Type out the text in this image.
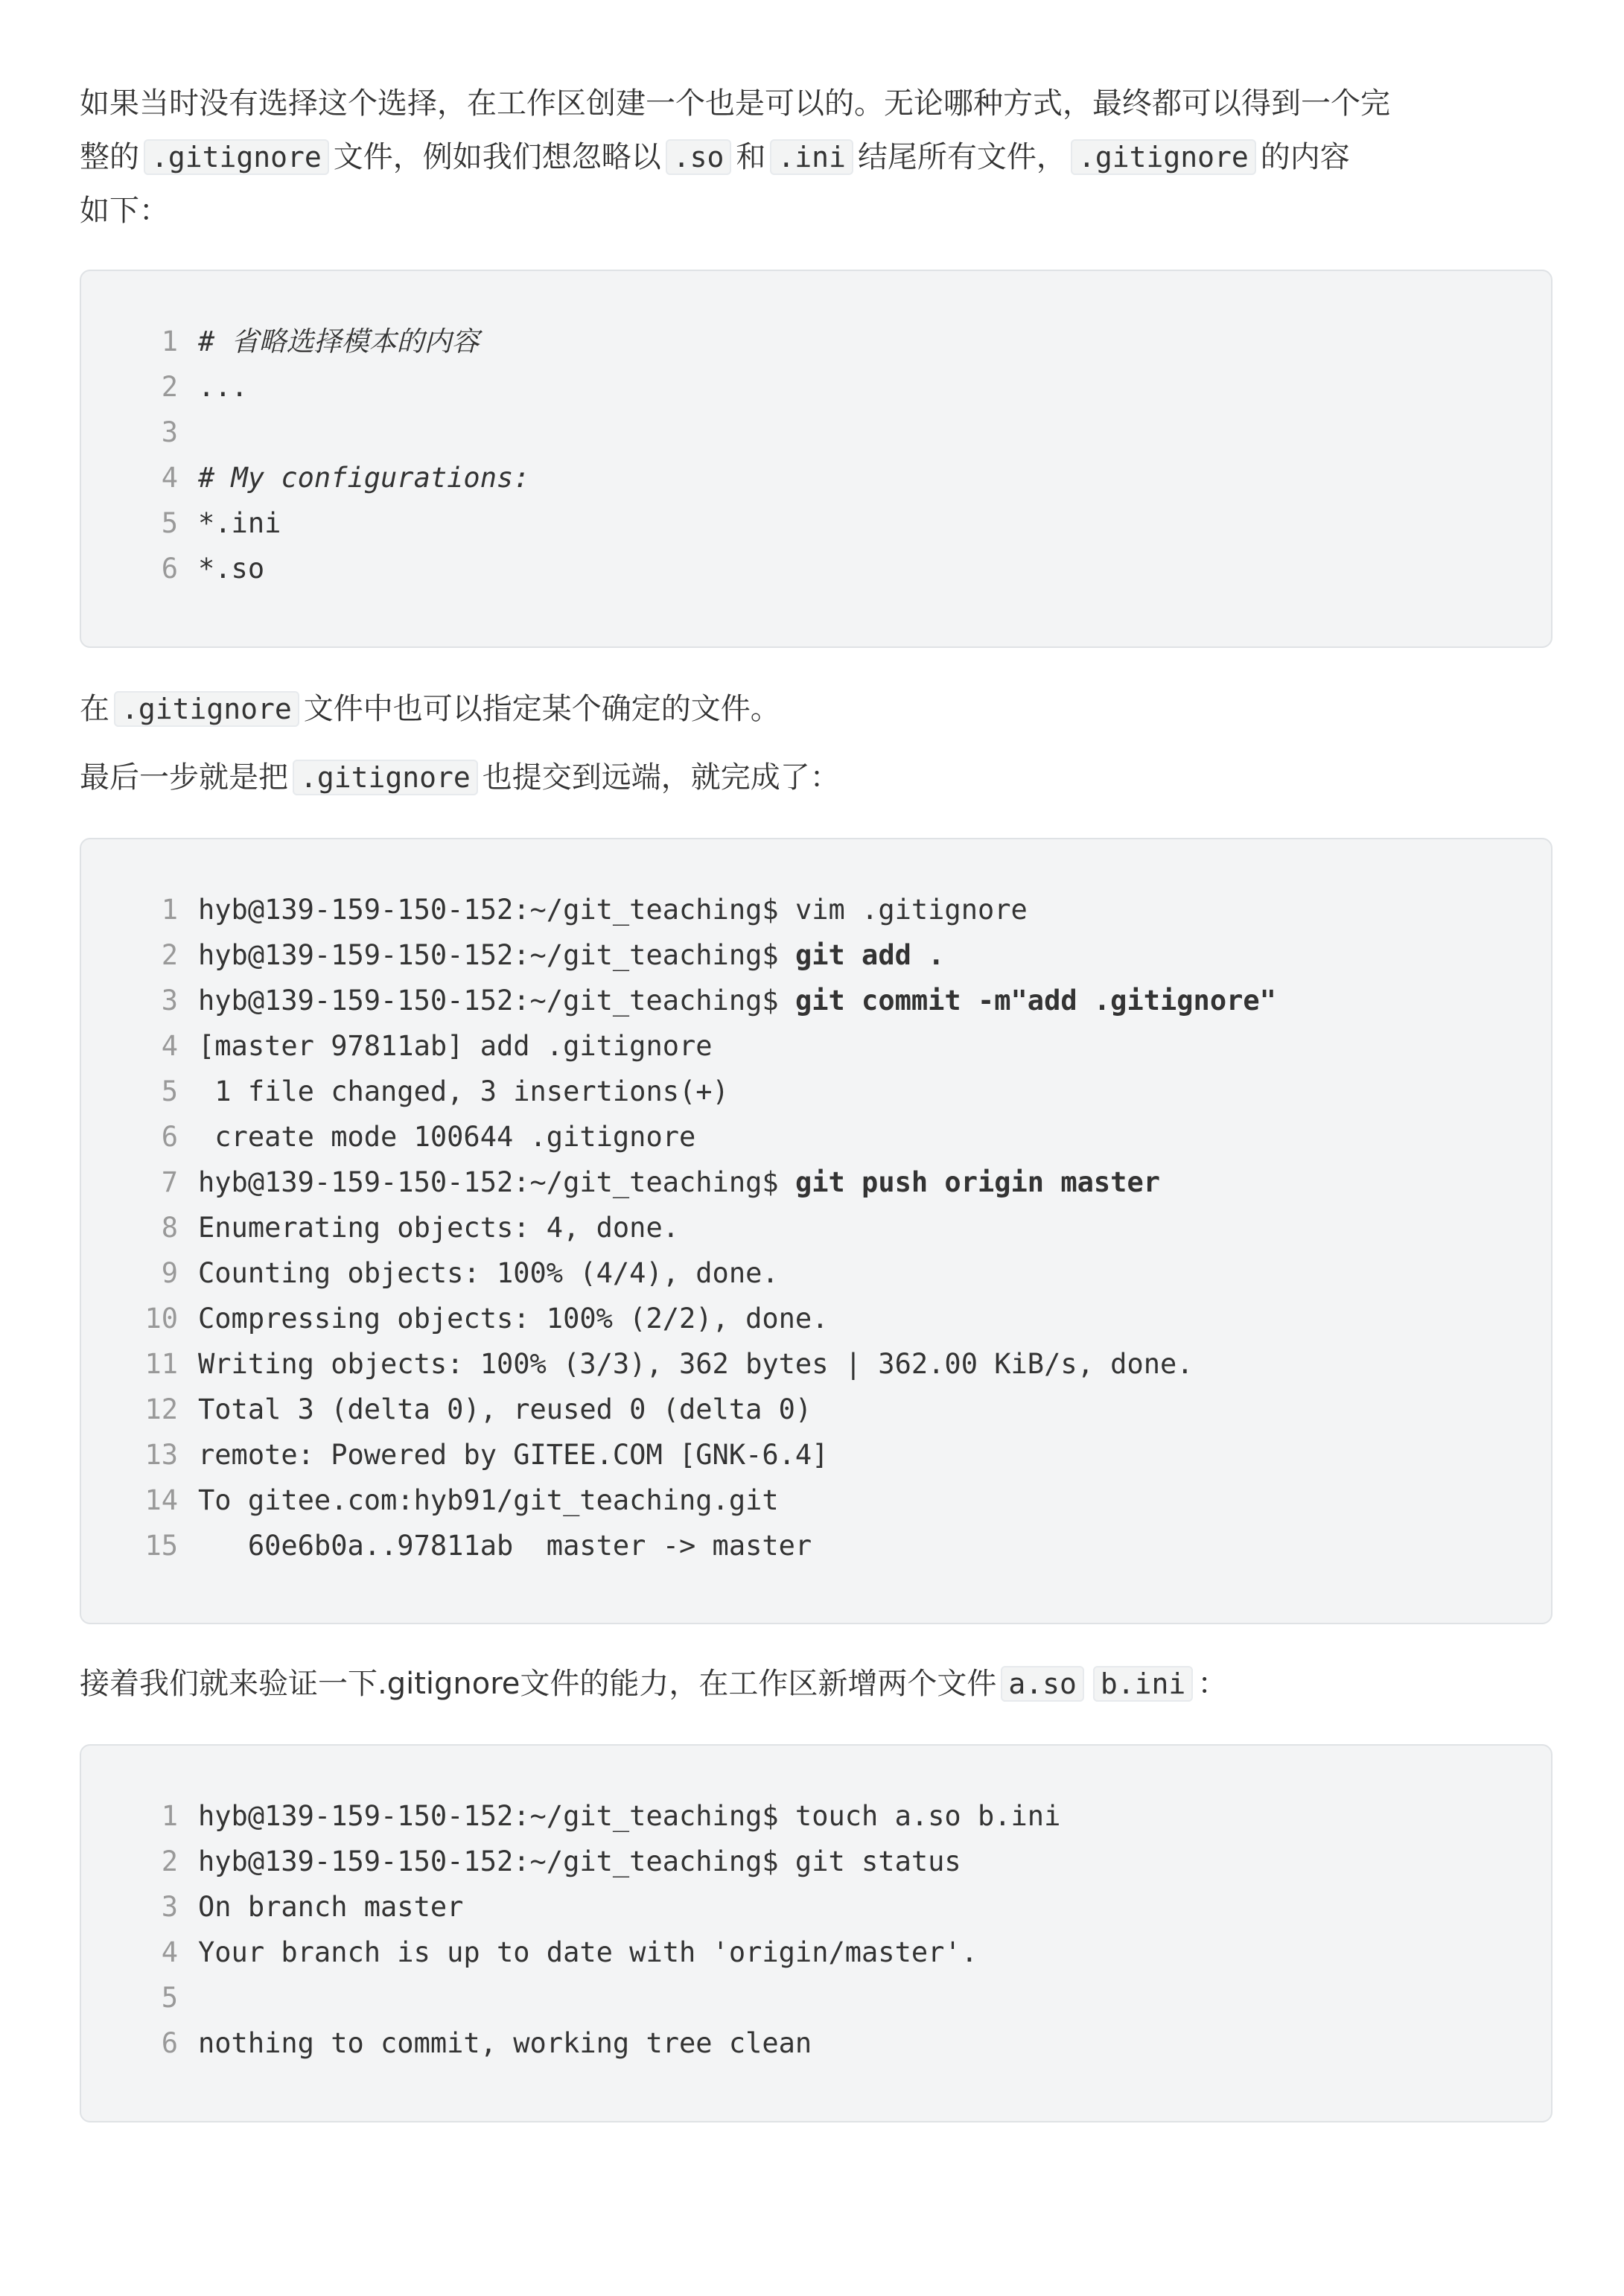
如果当时没有选择这个选择，在工作区创建一个也是可以的。无论哪种方式，最终都可以得到一个完
整的 .gitignore 文件，例如我们想忽略以 .so 和 .ini 结尾所有文件， .gitignore 的内容
如下：
1 # 省略选择模本的内容
2 ...
3
4 # My configurations:
5 *.ini
6 *.so
在 .gitignore 文件中也可以指定某个确定的文件。
最后一步就是把 .gitignore 也提交到远端，就完成了：
1 hyb@139-159-150-152:~/git_teaching$ vim .gitignore
2 hyb@139-159-150-152:~/git_teaching$ git add .
3 hyb@139-159-150-152:~/git_teaching$ git commit -m"add .gitignore"
4 [master 97811ab] add .gitignore
5 1 file changed, 3 insertions(+)
6 create mode 100644 .gitignore
7 hyb@139-159-150-152:~/git_teaching$ git push origin master
8 Enumerating objects: 4, done.
9 Counting objects: 100% (4/4), done.
10 Compressing objects: 100% (2/2), done.
11 Writing objects: 100% (3/3), 362 bytes | 362.00 KiB/s, done.
12 Total 3 (delta 0), reused 0 (delta 0)
13 remote: Powered by GITEE.COM [GNK-6.4]
14 To gitee.com:hyb91/git_teaching.git
15 60e6b0a..97811ab  master -> master
接着我们就来验证一下.gitignore文件的能力，在工作区新增两个文件 a.so b.ini ：
1 hyb@139-159-150-152:~/git_teaching$ touch a.so b.ini
2 hyb@139-159-150-152:~/git_teaching$ git status
3 On branch master
4 Your branch is up to date with 'origin/master'.
5
6 nothing to commit, working tree clean
